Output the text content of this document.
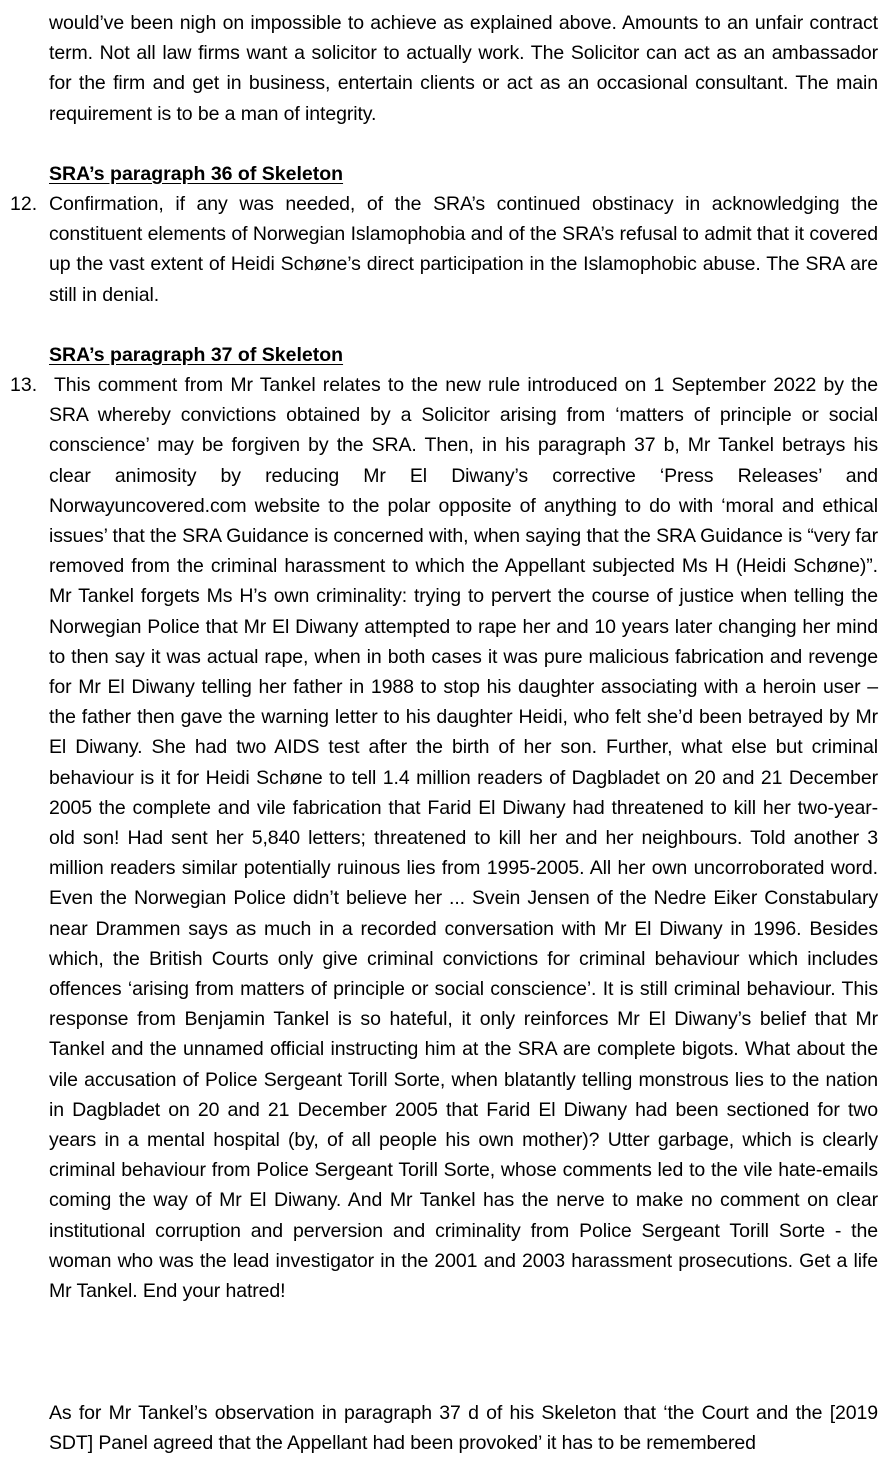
would’ve been nigh on impossible to achieve as explained above. Amounts to an unfair contract term. Not all law firms want a solicitor to actually work. The Solicitor can act as an ambassador for the firm and get in business, entertain clients or act as an occasional consultant. The main requirement is to be a man of integrity.
SRA’s paragraph 36 of Skeleton
12. Confirmation, if any was needed, of the SRA’s continued obstinacy in acknowledging the constituent elements of Norwegian Islamophobia and of the SRA’s refusal to admit that it covered up the vast extent of Heidi Schøne’s direct participation in the Islamophobic abuse. The SRA are still in denial.
SRA’s paragraph 37 of Skeleton
13. This comment from Mr Tankel relates to the new rule introduced on 1 September 2022 by the SRA whereby convictions obtained by a Solicitor arising from ‘matters of principle or social conscience’ may be forgiven by the SRA. Then, in his paragraph 37 b, Mr Tankel betrays his clear animosity by reducing Mr El Diwany’s corrective ‘Press Releases’ and Norwayuncovered.com website to the polar opposite of anything to do with ‘moral and ethical issues’ that the SRA Guidance is concerned with, when saying that the SRA Guidance is “very far removed from the criminal harassment to which the Appellant subjected Ms H (Heidi Schøne)”. Mr Tankel forgets Ms H’s own criminality: trying to pervert the course of justice when telling the Norwegian Police that Mr El Diwany attempted to rape her and 10 years later changing her mind to then say it was actual rape, when in both cases it was pure malicious fabrication and revenge for Mr El Diwany telling her father in 1988 to stop his daughter associating with a heroin user – the father then gave the warning letter to his daughter Heidi, who felt she’d been betrayed by Mr El Diwany. She had two AIDS test after the birth of her son. Further, what else but criminal behaviour is it for Heidi Schøne to tell 1.4 million readers of Dagbladet on 20 and 21 December 2005 the complete and vile fabrication that Farid El Diwany had threatened to kill her two-year-old son! Had sent her 5,840 letters; threatened to kill her and her neighbours. Told another 3 million readers similar potentially ruinous lies from 1995-2005. All her own uncorroborated word. Even the Norwegian Police didn’t believe her ... Svein Jensen of the Nedre Eiker Constabulary near Drammen says as much in a recorded conversation with Mr El Diwany in 1996. Besides which, the British Courts only give criminal convictions for criminal behaviour which includes offences ‘arising from matters of principle or social conscience’. It is still criminal behaviour. This response from Benjamin Tankel is so hateful, it only reinforces Mr El Diwany’s belief that Mr Tankel and the unnamed official instructing him at the SRA are complete bigots. What about the vile accusation of Police Sergeant Torill Sorte, when blatantly telling monstrous lies to the nation in Dagbladet on 20 and 21 December 2005 that Farid El Diwany had been sectioned for two years in a mental hospital (by, of all people his own mother)? Utter garbage, which is clearly criminal behaviour from Police Sergeant Torill Sorte, whose comments led to the vile hate-emails coming the way of Mr El Diwany. And Mr Tankel has the nerve to make no comment on clear institutional corruption and perversion and criminality from Police Sergeant Torill Sorte - the woman who was the lead investigator in the 2001 and 2003 harassment prosecutions. Get a life Mr Tankel. End your hatred!
As for Mr Tankel’s observation in paragraph 37 d of his Skeleton that ‘the Court and the [2019 SDT] Panel agreed that the Appellant had been provoked’ it has to be remembered
